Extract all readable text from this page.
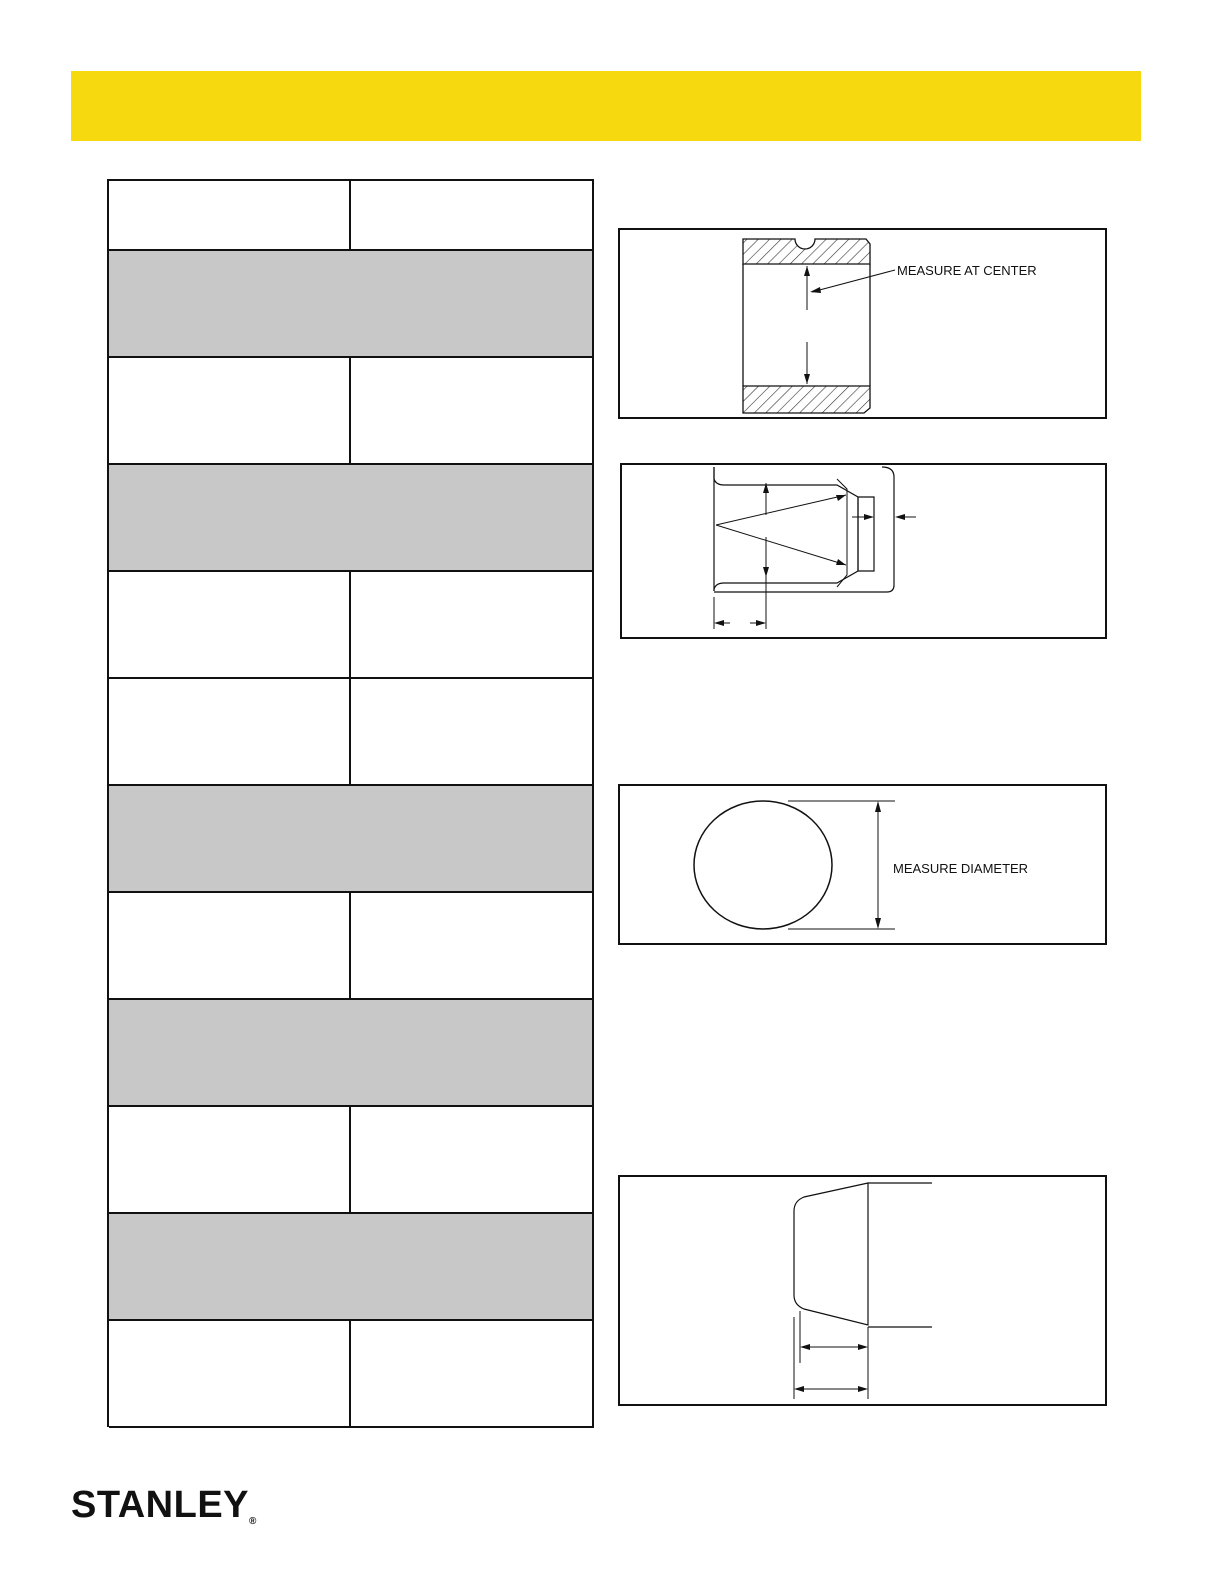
MEASURE AT CENTER
MEASURE DIAMETER
STANLEY®
